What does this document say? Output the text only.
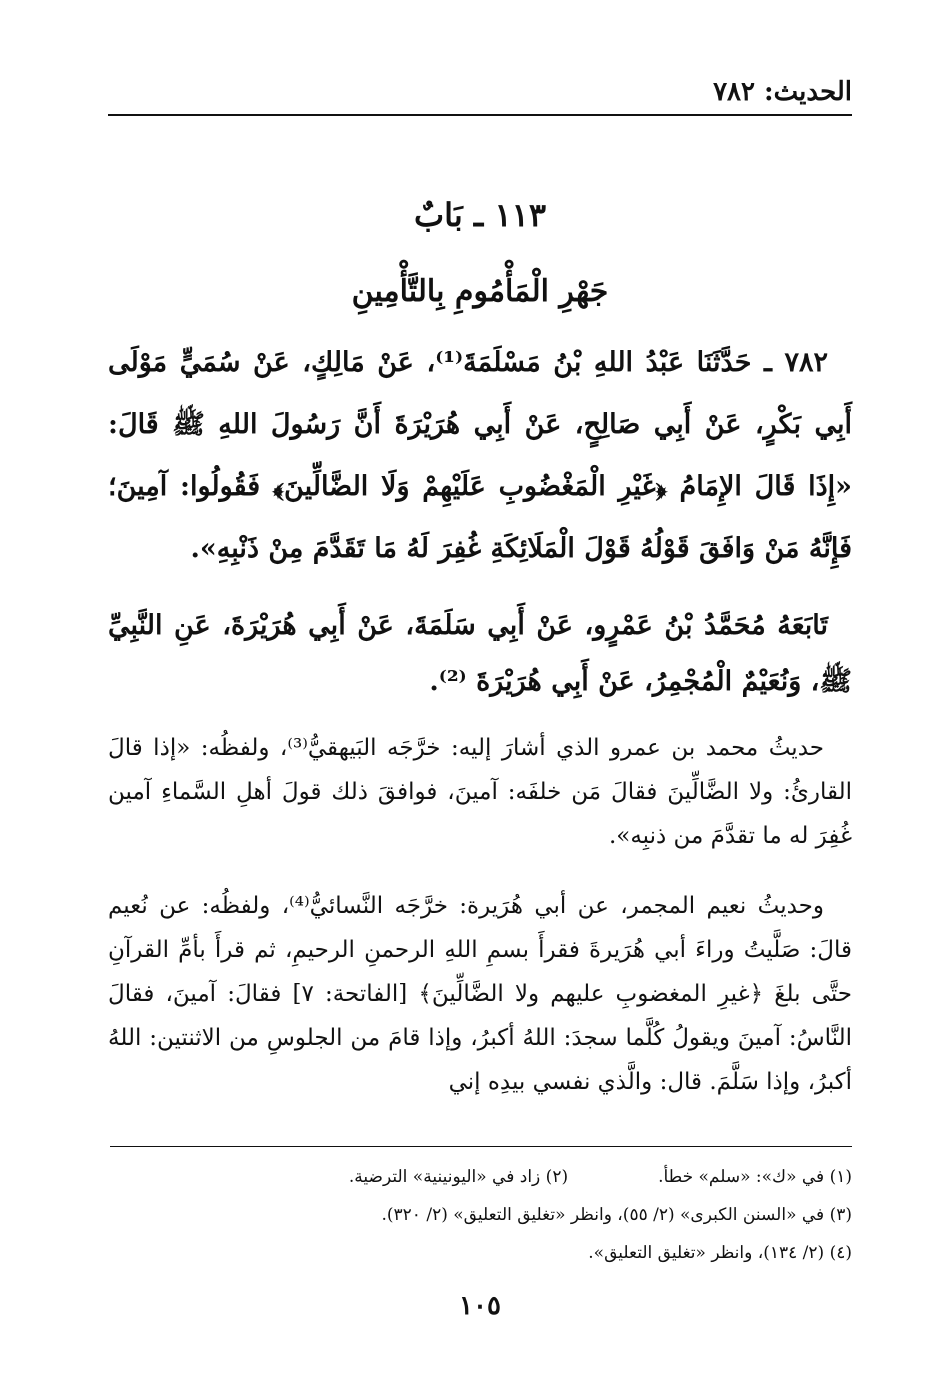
الحديث: ٧٨٢
١١٣ ـ بَابٌ
جَهْرِ الْمَأْمُومِ بِالتَّأْمِينِ

٧٨٢ ـ حَدَّثَنَا عَبْدُ اللهِ بْنُ مَسْلَمَةَ⁽¹⁾، عَنْ مَالِكٍ، عَنْ سُمَيٍّ مَوْلَى أَبِي بَكْرٍ، عَنْ أَبِي صَالِحٍ، عَنْ أَبِي هُرَيْرَةَ أَنَّ رَسُولَ اللهِ ﷺ قَالَ: «إِذَا قَالَ الإِمَامُ ﴿غَيْرِ الْمَغْضُوبِ عَلَيْهِمْ وَلَا الضَّالِّينَ﴾ فَقُولُوا: آمِينَ؛ فَإِنَّهُ مَنْ وَافَقَ قَوْلُهُ قَوْلَ الْمَلَائِكَةِ غُفِرَ لَهُ مَا تَقَدَّمَ مِنْ ذَنْبِهِ».

تَابَعَهُ مُحَمَّدُ بْنُ عَمْرٍو، عَنْ أَبِي سَلَمَةَ، عَنْ أَبِي هُرَيْرَةَ، عَنِ النَّبِيِّ ﷺ، وَنُعَيْمٌ الْمُجْمِرُ، عَنْ أَبِي هُرَيْرَةَ ⁽²⁾.

حديثُ محمد بن عمرو الذي أشارَ إليه: خرَّجَه البَيهقيُّ⁽³⁾، ولفظُه: «إذا قالَ القارئُ: ولا الضَّالِّينَ فقالَ مَن خلفَه: آمينَ، فوافقَ ذلك قولَ أهلِ السَّماءِ آمين غُفِرَ له ما تقدَّمَ من ذنبِه».

وحديثُ نعيم المجمر، عن أبي هُرَيرة: خرَّجَه النَّسائيُّ⁽⁴⁾، ولفظُه: عن نُعيم قالَ: صَلَّيتُ وراءَ أبي هُرَيرةَ فقرأَ بسمِ اللهِ الرحمنِ الرحيمِ، ثم قرأَ بأمِّ القرآنِ حتَّى بلغَ ﴿غيرِ المغضوبِ عليهم ولا الضَّالِّينَ﴾ [الفاتحة: ٧] فقالَ: آمينَ، فقالَ النَّاسُ: آمينَ ويقولُ كُلَّما سجدَ: اللهُ أكبرُ، وإذا قامَ من الجلوسِ من الاثنتين: اللهُ أكبرُ، وإذا سَلَّمَ. قال: والَّذي نفسي بيدِه إني

(١) في «ك»: «سلم» خطأ.
(٢) زاد في «اليونينية» الترضية.
(٣) في «السنن الكبرى» (٢/ ٥٥)، وانظر «تغليق التعليق» (٢/ ٣٢٠).
(٤) (٢/ ١٣٤)، وانظر «تغليق التعليق».
١٠٥
